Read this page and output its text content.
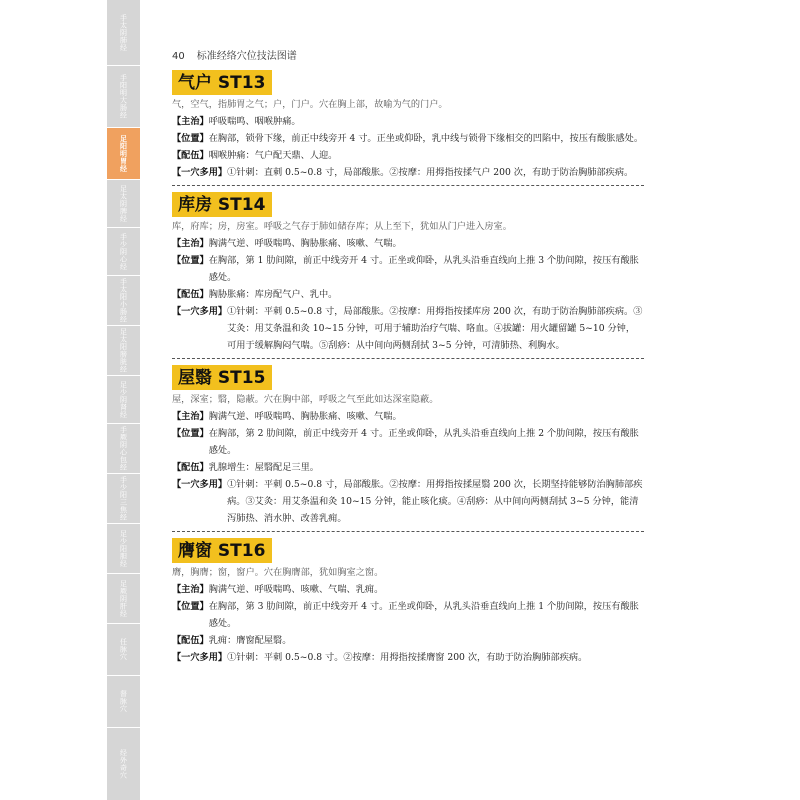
手太阴肺经
手阳明大肠经
足阳明胃经
足太阴脾经
手少阴心经
手太阳小肠经
足太阳膀胱经
足少阴肾经
手厥阴心包经
手少阳三焦经
足少阳胆经
足厥阴肝经
任脉穴
督脉穴
经外奇穴
40 标准经络穴位技法图谱
气户 ST13
气，空气，指肺胃之气；户，门户。穴在胸上部，故喻为气的门户。
【主治】 呼吸喘鸣、咽喉肿痛。
【位置】 在胸部，锁骨下缘，前正中线旁开 4 寸。正坐或仰卧，乳中线与锁骨下缘相交的凹陷中，按压有酸胀感处。
【配伍】 咽喉肿痛：气户配天鼎、人迎。
【一穴多用】 ①针刺：直刺 0.5~0.8 寸，局部酸胀。②按摩：用拇指按揉气户 200 次，有助于防治胸肺部疾病。
库房 ST14
库，府库；房，房室。呼吸之气存于肺如储存库；从上至下，犹如从门户进入房室。
【主治】 胸满气逆、呼吸喘鸣、胸胁胀痛、咳嗽、气喘。
【位置】 在胸部，第 1 肋间隙，前正中线旁开 4 寸。正坐或仰卧，从乳头沿垂直线向上推 3 个肋间隙，按压有酸胀感处。
【配伍】 胸胁胀痛：库房配气户、乳中。
【一穴多用】 ①针刺：平刺 0.5~0.8 寸，局部酸胀。②按摩：用拇指按揉库房 200 次，有助于防治胸肺部疾病。③艾灸：用艾条温和灸 10~15 分钟，可用于辅助治疗气喘、咯血。④拔罐：用火罐留罐 5~10 分钟，可用于缓解胸闷气喘。⑤刮痧：从中间向两侧刮拭 3~5 分钟，可清肺热、利胸水。
屋翳 ST15
屋，深室；翳，隐蔽。穴在胸中部，呼吸之气至此如达深室隐蔽。
【主治】 胸满气逆、呼吸喘鸣、胸胁胀痛、咳嗽、气喘。
【位置】 在胸部，第 2 肋间隙，前正中线旁开 4 寸。正坐或仰卧，从乳头沿垂直线向上推 2 个肋间隙，按压有酸胀感处。
【配伍】 乳腺增生：屋翳配足三里。
【一穴多用】 ①针刺：平刺 0.5~0.8 寸，局部酸胀。②按摩：用拇指按揉屋翳 200 次，长期坚持能够防治胸肺部疾病。③艾灸：用艾条温和灸 10~15 分钟，能止咳化痰。④刮痧：从中间向两侧刮拭 3~5 分钟，能清泻肺热、消水肿、改善乳痈。
膺窗 ST16
膺，胸膺；窗，窗户。穴在胸膺部，犹如胸室之窗。
【主治】 胸满气逆、呼吸喘鸣、咳嗽、气喘、乳痈。
【位置】 在胸部，第 3 肋间隙，前正中线旁开 4 寸。正坐或仰卧，从乳头沿垂直线向上推 1 个肋间隙，按压有酸胀感处。
【配伍】 乳痈：膺窗配屋翳。
【一穴多用】 ①针刺：平刺 0.5~0.8 寸。②按摩：用拇指按揉膺窗 200 次，有助于防治胸肺部疾病。
